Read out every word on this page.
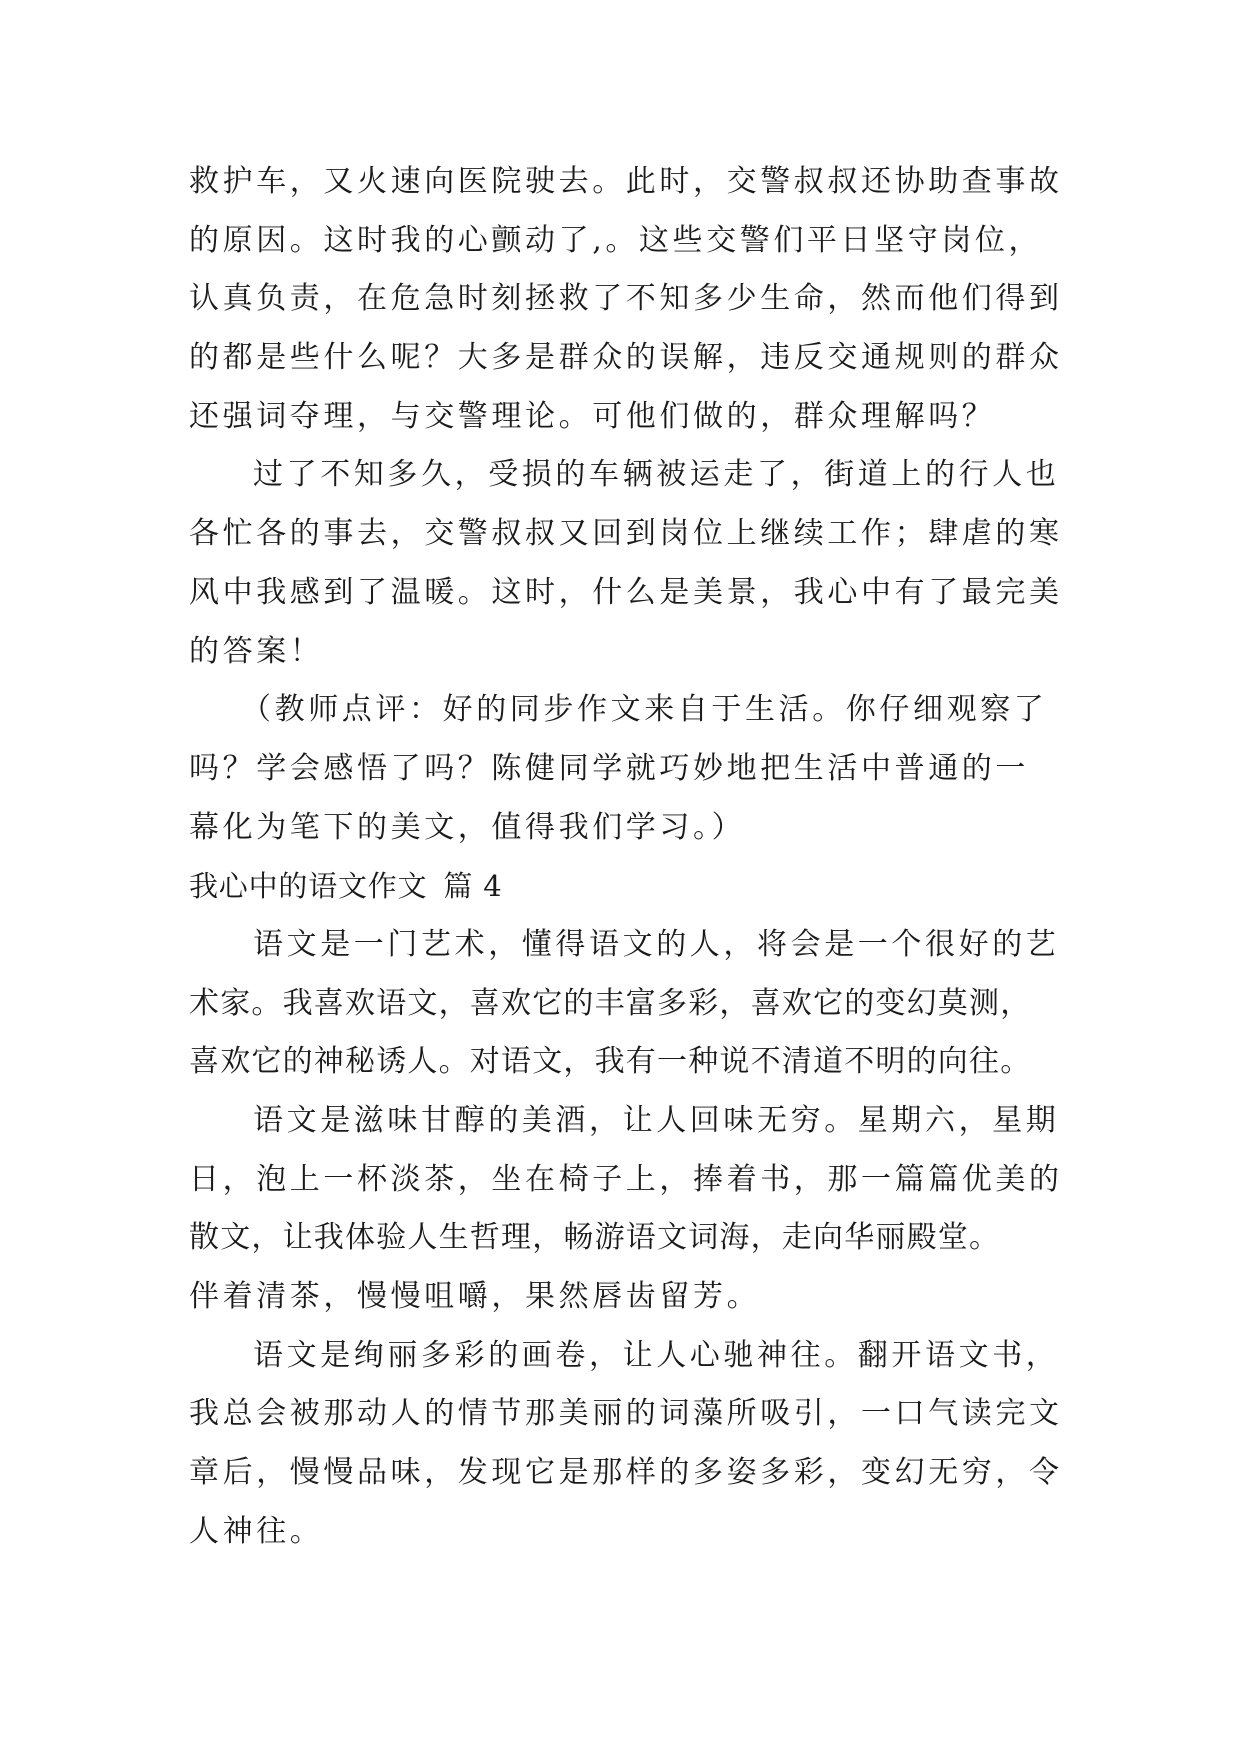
救护车，又火速向医院驶去。此时，交警叔叔还协助查事故
的原因。这时我的心颤动了,。这些交警们平日坚守岗位，
认真负责，在危急时刻拯救了不知多少生命，然而他们得到
的都是些什么呢？大多是群众的误解，违反交通规则的群众
还强词夺理，与交警理论。可他们做的，群众理解吗？
过了不知多久，受损的车辆被运走了，街道上的行人也
各忙各的事去，交警叔叔又回到岗位上继续工作；肆虐的寒
风中我感到了温暖。这时，什么是美景，我心中有了最完美
的答案！
（教师点评：好的同步作文来自于生活。你仔细观察了
吗？学会感悟了吗？陈健同学就巧妙地把生活中普通的一
幕化为笔下的美文，值得我们学习。）
我心中的语文作文 篇 4
语文是一门艺术，懂得语文的人，将会是一个很好的艺
术家。我喜欢语文，喜欢它的丰富多彩，喜欢它的变幻莫测，
喜欢它的神秘诱人。对语文，我有一种说不清道不明的向往。
语文是滋味甘醇的美酒，让人回味无穷。星期六，星期
日，泡上一杯淡茶，坐在椅子上，捧着书，那一篇篇优美的
散文，让我体验人生哲理，畅游语文词海，走向华丽殿堂。
伴着清茶，慢慢咀嚼，果然唇齿留芳。
语文是绚丽多彩的画卷，让人心驰神往。翻开语文书，
我总会被那动人的情节那美丽的词藻所吸引，一口气读完文
章后，慢慢品味，发现它是那样的多姿多彩，变幻无穷，令
人神往。
